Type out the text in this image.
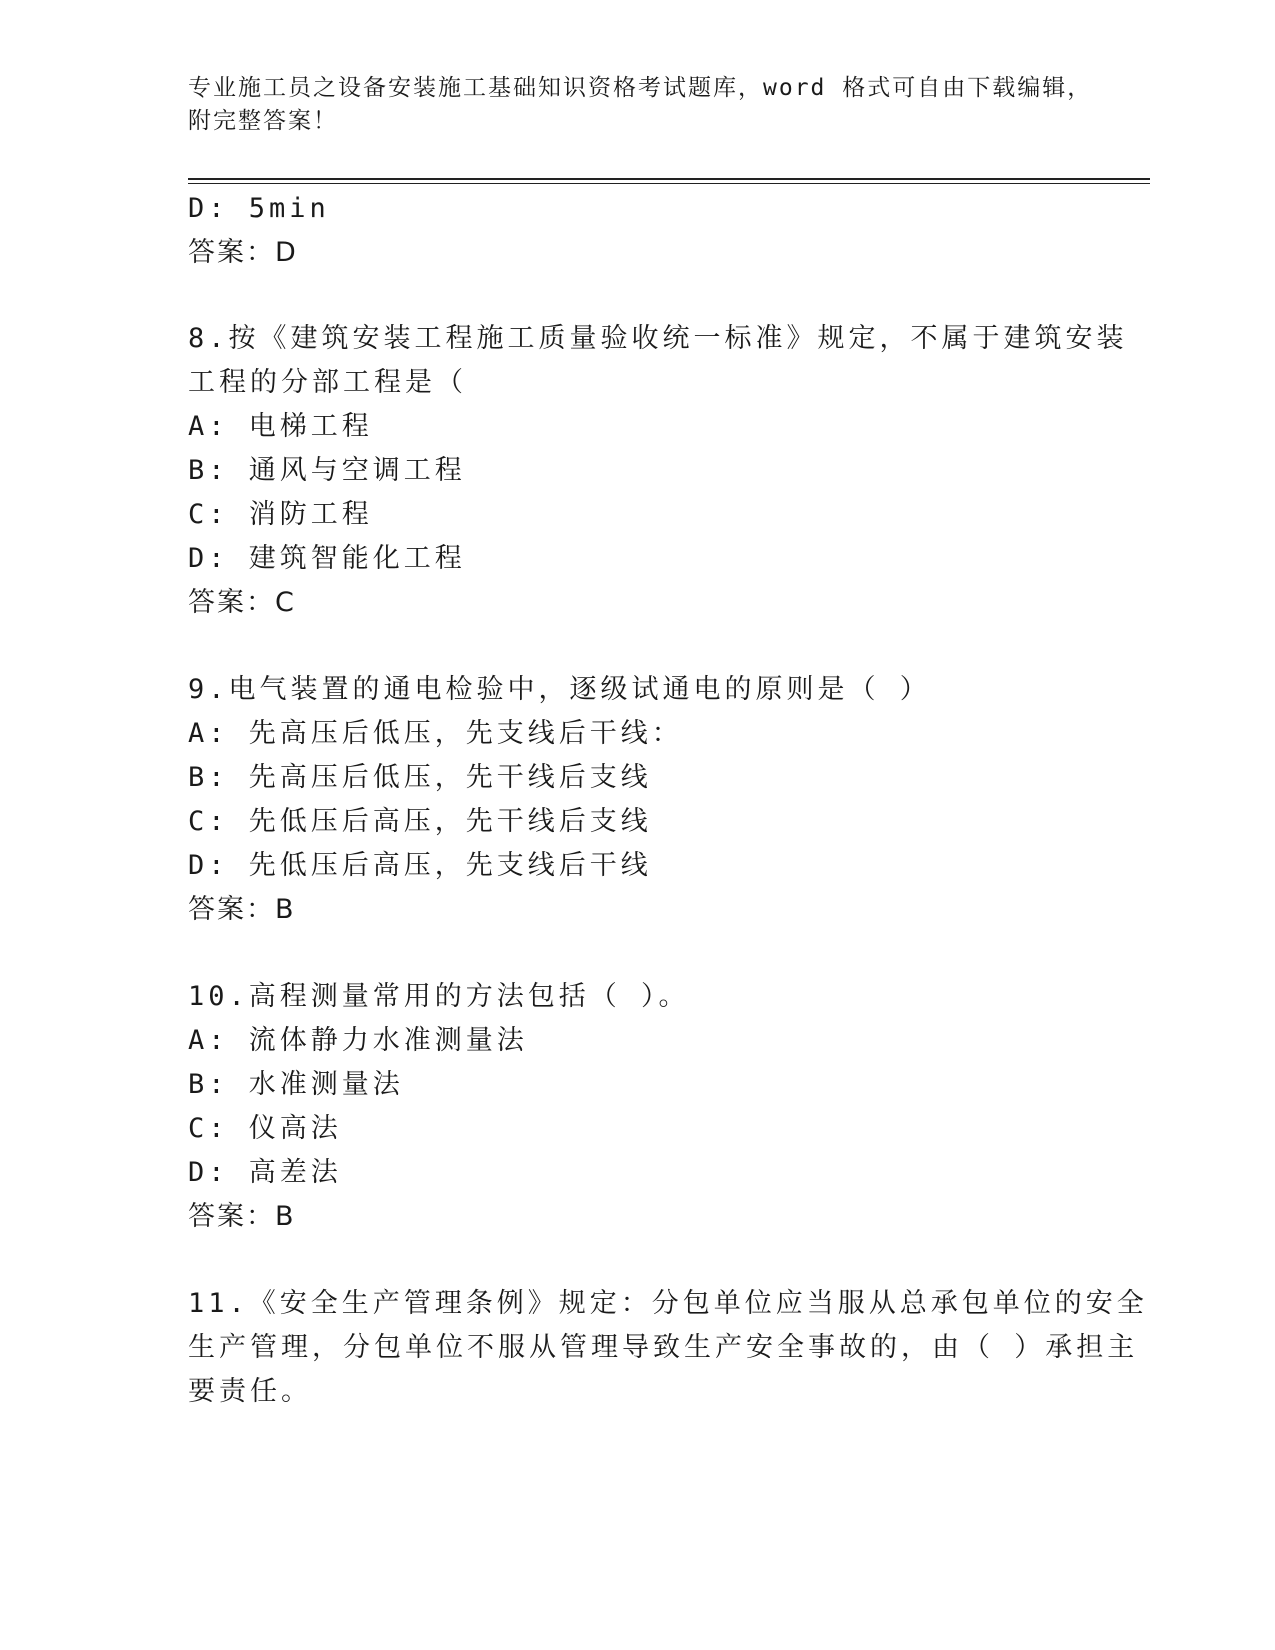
专业施工员之设备安装施工基础知识资格考试题库，word 格式可自由下载编辑，
附完整答案！
D: 5min
答案：D
8.按《建筑安装工程施工质量验收统一标准》规定，不属于建筑安装
工程的分部工程是（
A: 电梯工程
B: 通风与空调工程
C: 消防工程
D: 建筑智能化工程
答案：C
9.电气装置的通电检验中，逐级试通电的原则是（ ）
A: 先高压后低压，先支线后干线：
B: 先高压后低压，先干线后支线
C: 先低压后高压，先干线后支线
D: 先低压后高压，先支线后干线
答案：B
10.高程测量常用的方法包括（ ）。
A: 流体静力水准测量法
B: 水准测量法
C: 仪高法
D: 高差法
答案：B
11.《安全生产管理条例》规定：分包单位应当服从总承包单位的安全
生产管理，分包单位不服从管理导致生产安全事故的，由（ ）承担主
要责任。
